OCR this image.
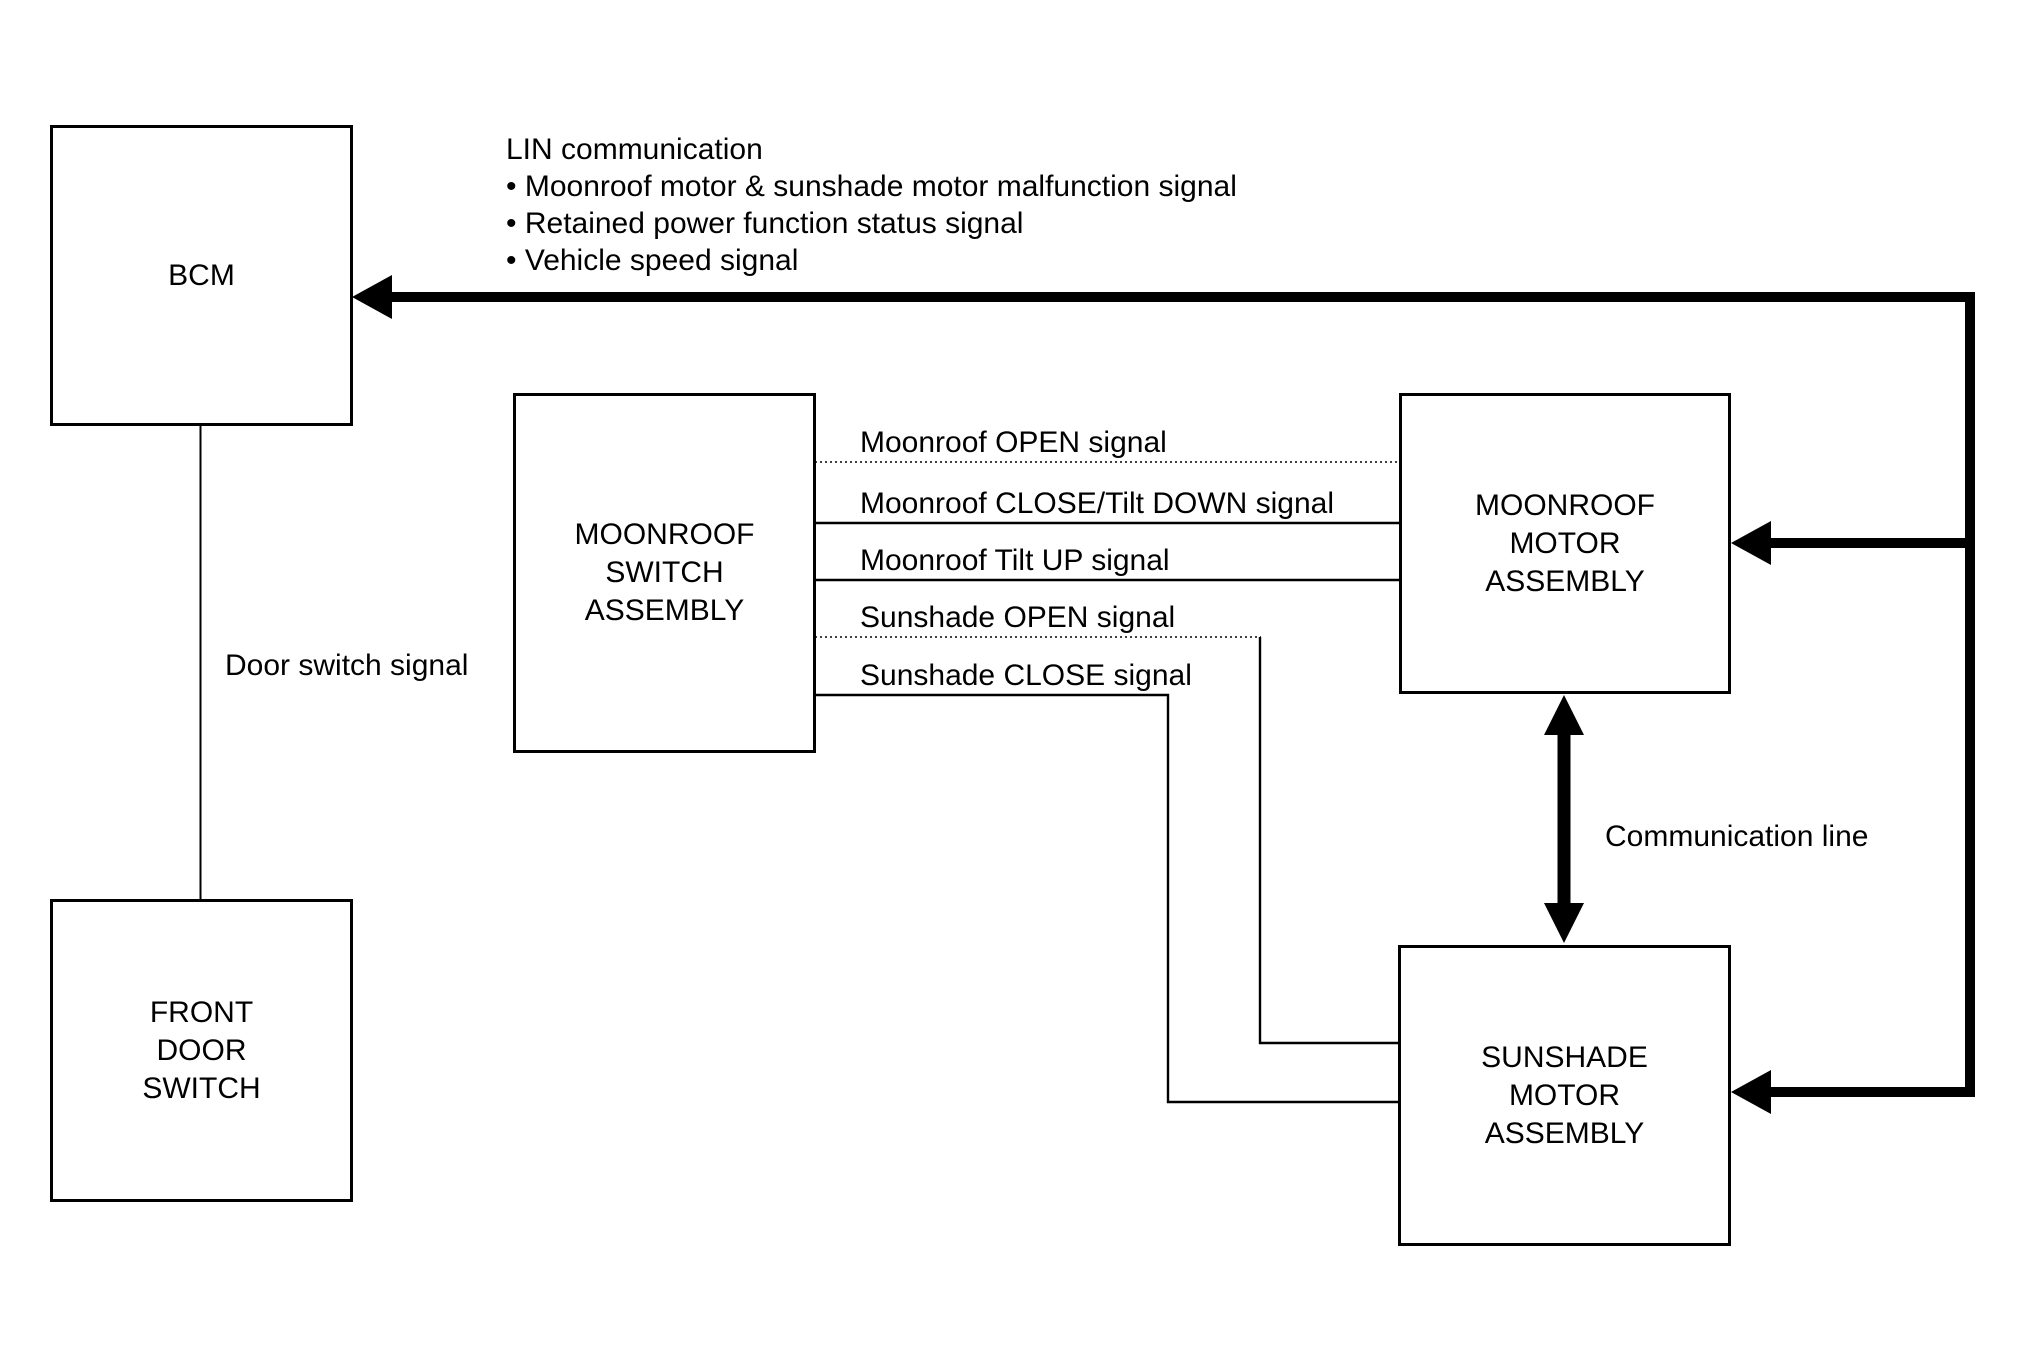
BCM
FRONT
DOOR
SWITCH
MOONROOF
SWITCH
ASSEMBLY
MOONROOF
MOTOR
ASSEMBLY
SUNSHADE
MOTOR
ASSEMBLY
LIN communication
• Moonroof motor & sunshade motor malfunction signal
• Retained power function status signal
• Vehicle speed signal
Door switch signal
Communication line
Moonroof OPEN signal
Moonroof CLOSE/Tilt DOWN signal
Moonroof Tilt UP signal
Sunshade OPEN signal
Sunshade CLOSE signal
